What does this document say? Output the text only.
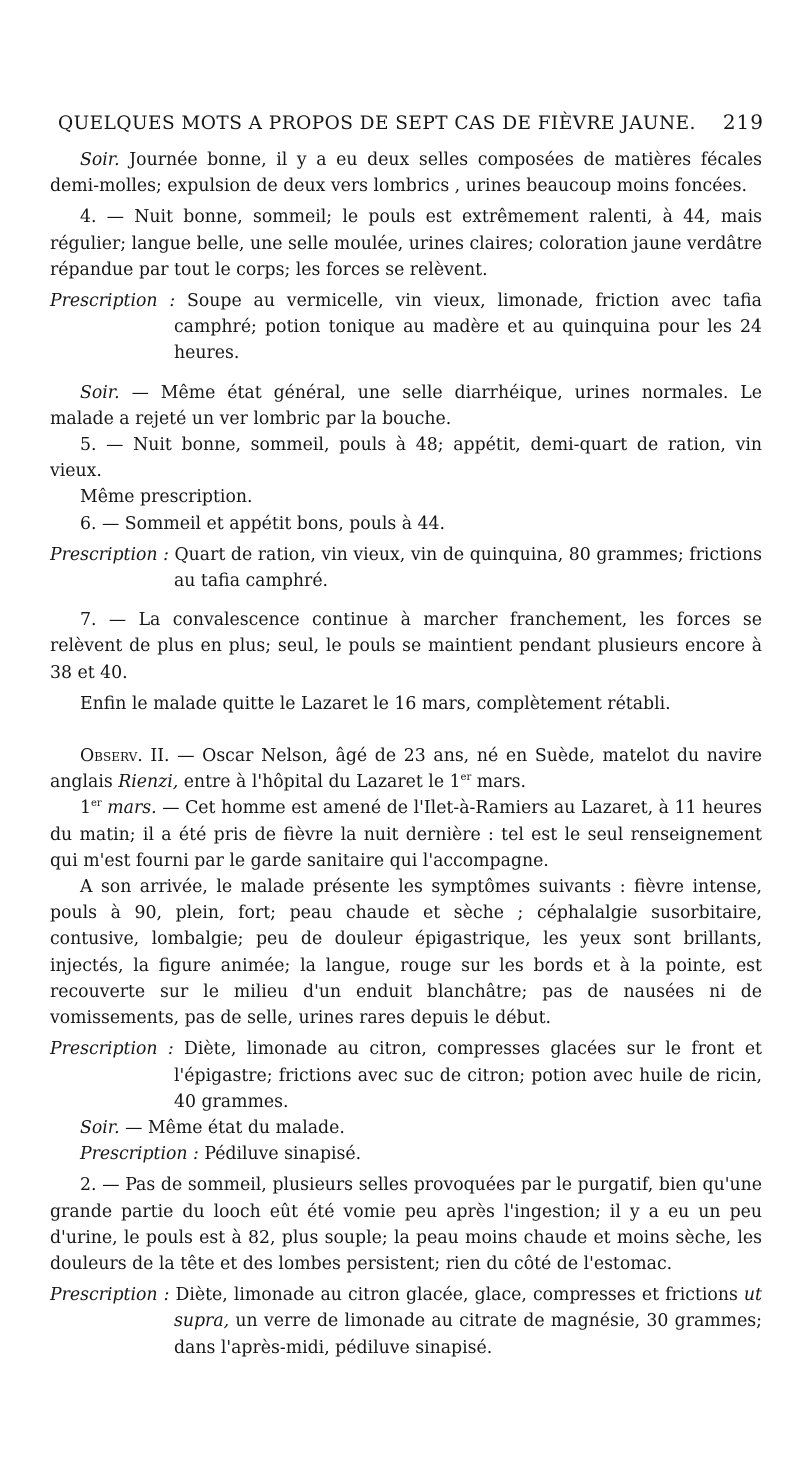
QUELQUES MOTS A PROPOS DE SEPT CAS DE FIÈVRE JAUNE. 219

Soir. Journée bonne, il y a eu deux selles composées de matières fécales demi-molles; expulsion de deux vers lombrics , urines beaucoup moins foncées.

4. — Nuit bonne, sommeil; le pouls est extrêmement ralenti, à 44, mais régulier; langue belle, une selle moulée, urines claires; coloration jaune verdâtre répandue par tout le corps; les forces se relèvent.

Prescription : Soupe au vermicelle, vin vieux, limonade, friction avec tafia camphré; potion tonique au madère et au quinquina pour les 24 heures.

Soir. — Même état général, une selle diarrhéique, urines normales. Le malade a rejeté un ver lombric par la bouche.

5. — Nuit bonne, sommeil, pouls à 48; appétit, demi-quart de ration, vin vieux.

Même prescription.

6. — Sommeil et appétit bons, pouls à 44.

Prescription : Quart de ration, vin vieux, vin de quinquina, 80 grammes; frictions au tafia camphré.

7. — La convalescence continue à marcher franchement, les forces se relèvent de plus en plus; seul, le pouls se maintient pendant plusieurs encore à 38 et 40.

Enfin le malade quitte le Lazaret le 16 mars, complètement rétabli.

Observ. II. — Oscar Nelson, âgé de 23 ans, né en Suède, matelot du navire anglais Rienzi, entre à l'hôpital du Lazaret le 1er mars.

1er mars. — Cet homme est amené de l'Ilet-à-Ramiers au Lazaret, à 11 heures du matin; il a été pris de fièvre la nuit dernière : tel est le seul renseignement qui m'est fourni par le garde sanitaire qui l'accompagne.

A son arrivée, le malade présente les symptômes suivants : fièvre intense, pouls à 90, plein, fort; peau chaude et sèche ; céphalalgie susorbitaire, contusive, lombalgie; peu de douleur épigastrique, les yeux sont brillants, injectés, la figure animée; la langue, rouge sur les bords et à la pointe, est recouverte sur le milieu d'un enduit blanchâtre; pas de nausées ni de vomissements, pas de selle, urines rares depuis le début.

Prescription : Diète, limonade au citron, compresses glacées sur le front et l'épigastre; frictions avec suc de citron; potion avec huile de ricin, 40 grammes.

Soir. — Même état du malade.

Prescription : Pédiluve sinapisé.

2. — Pas de sommeil, plusieurs selles provoquées par le purgatif, bien qu'une grande partie du looch eût été vomie peu après l'ingestion; il y a eu un peu d'urine, le pouls est à 82, plus souple; la peau moins chaude et moins sèche, les douleurs de la tête et des lombes persistent; rien du côté de l'estomac.

Prescription : Diète, limonade au citron glacée, glace, compresses et frictions ut supra, un verre de limonade au citrate de magnésie, 30 grammes; dans l'après-midi, pédiluve sinapisé.
